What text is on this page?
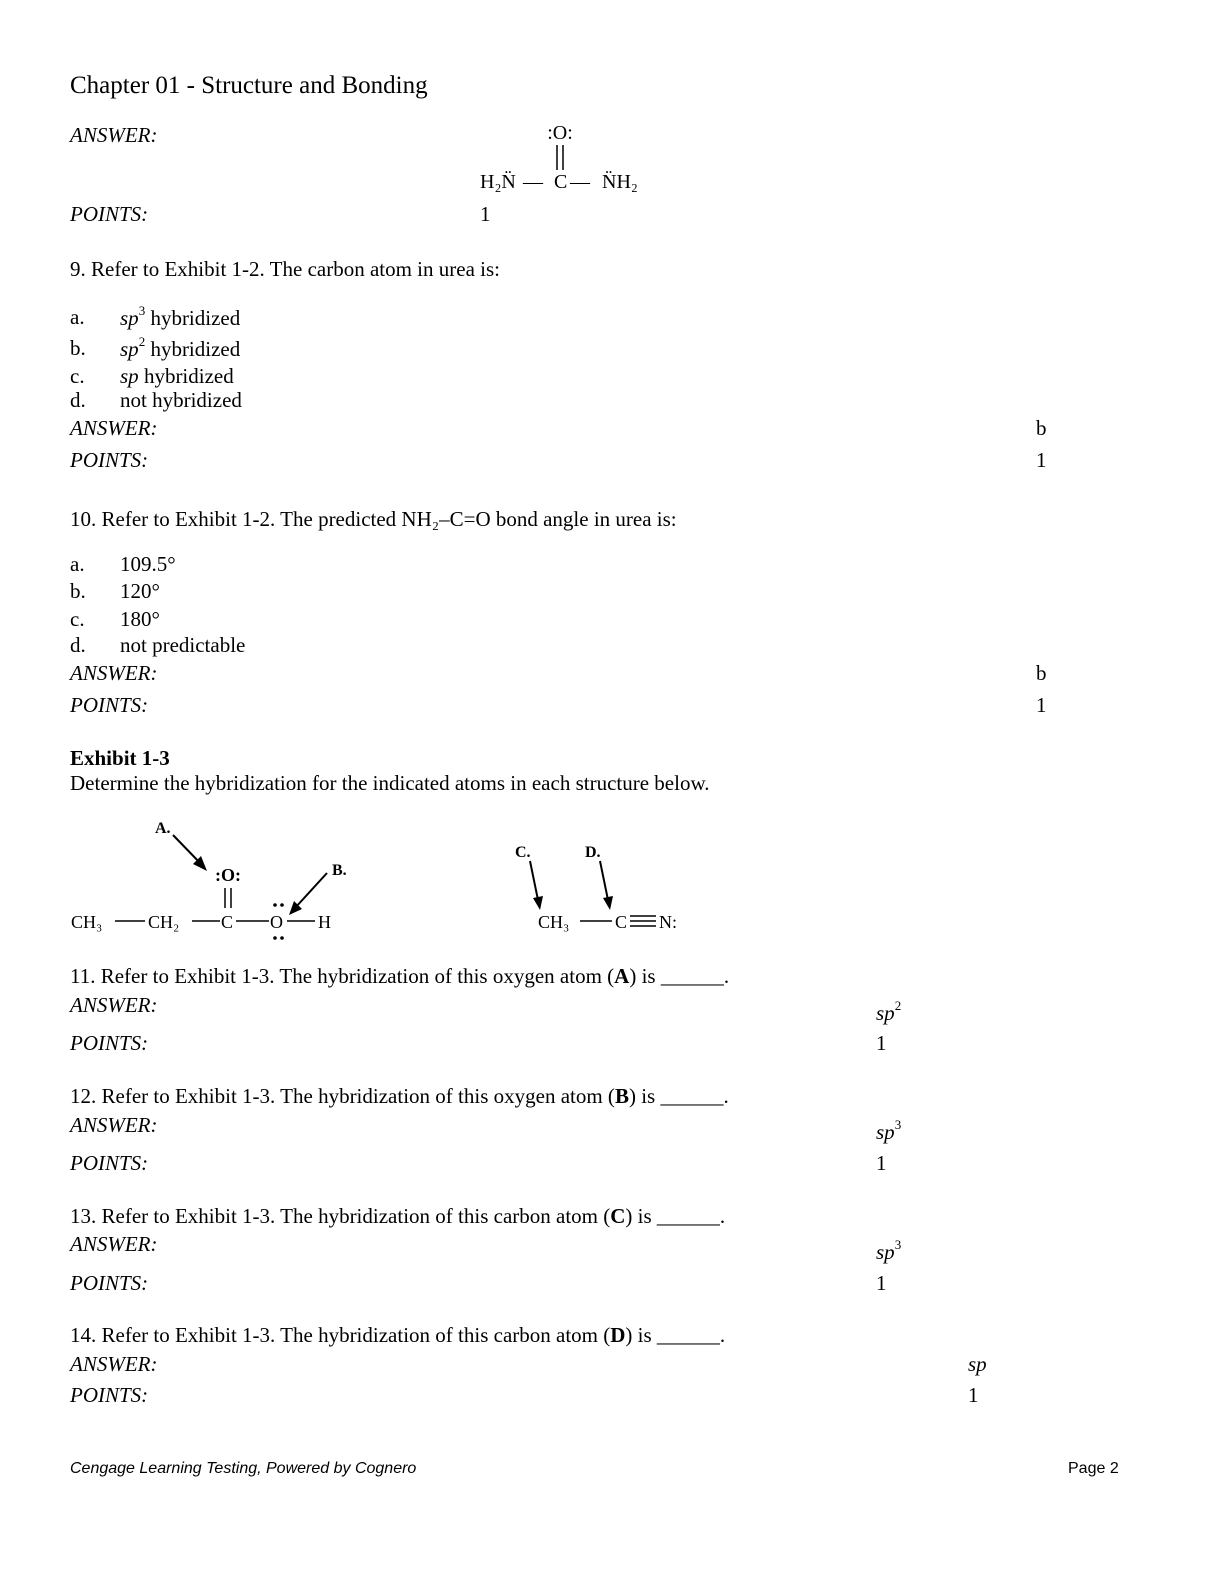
Chapter 01 - Structure and Bonding
ANSWER:	:O:
H₂N̈ — C — N̈H₂
POINTS:	1
9. Refer to Exhibit 1-2. The carbon atom in urea is:
a. $sp^3$ hybridized
b. $sp^2$ hybridized
c. sp hybridized
d. not hybridized
ANSWER:	b
POINTS:	1
10. Refer to Exhibit 1-2. The predicted NH₂–C=O bond angle in urea is:
a. 109.5°
b. 120°
c. 180°
d. not predictable
ANSWER:	b
POINTS:	1
Exhibit 1-3
Determine the hybridization for the indicated atoms in each structure below.
A.
:O:	B.
CH₃	CH₂ C O H
C.	D.
CH₃	C N:
11. Refer to Exhibit 1-3. The hybridization of this oxygen atom (A) is ______.
ANSWER:	$sp^2$
POINTS:	1
12. Refer to Exhibit 1-3. The hybridization of this oxygen atom (B) is ______.
ANSWER:	$sp^3$
POINTS:	1
13. Refer to Exhibit 1-3. The hybridization of this carbon atom (C) is ______.
ANSWER:	$sp^3$
POINTS:	1
14. Refer to Exhibit 1-3. The hybridization of this carbon atom (D) is ______.
ANSWER:	sp
POINTS:	1
Cengage Learning Testing, Powered by Cognero	Page 2
